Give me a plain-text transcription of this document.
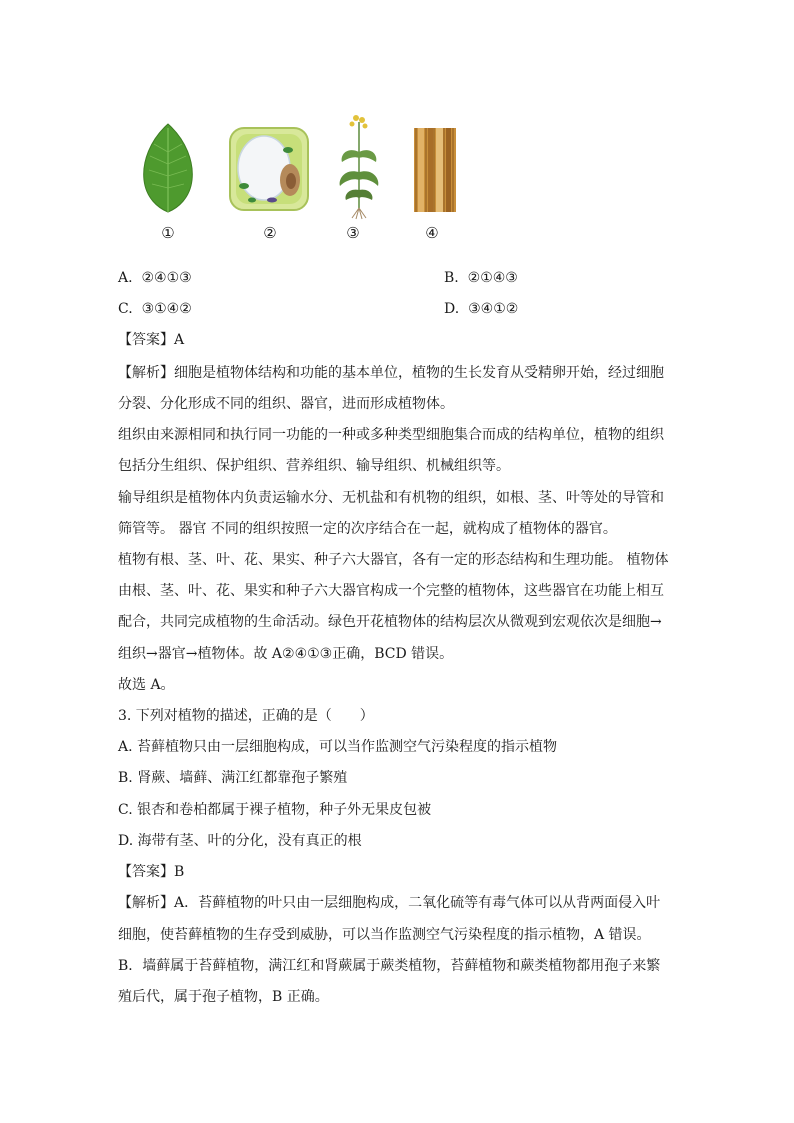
①	②	③	④
A. ②④①③	B. ②①④③
C. ③①④②	D. ③④①②
【答案】A
【解析】细胞是植物体结构和功能的基本单位，植物的生长发育从受精卵开始，经过细胞
分裂、分化形成不同的组织、器官，进而形成植物体。
组织由来源相同和执行同一功能的一种或多种类型细胞集合而成的结构单位，植物的组织
包括分生组织、保护组织、营养组织、输导组织、机械组织等。
输导组织是植物体内负责运输水分、无机盐和有机物的组织，如根、茎、叶等处的导管和
筛管等。 器官 不同的组织按照一定的次序结合在一起，就构成了植物体的器官。
植物有根、茎、叶、花、果实、种子六大器官，各有一定的形态结构和生理功能。 植物体
由根、茎、叶、花、果实和种子六大器官构成一个完整的植物体，这些器官在功能上相互
配合，共同完成植物的生命活动。绿色开花植物体的结构层次从微观到宏观依次是细胞→
组织→器官→植物体。故 A②④①③正确，BCD 错误。
故选 A。
3. 下列对植物的描述，正确的是（　　）
A. 苔藓植物只由一层细胞构成，可以当作监测空气污染程度的指示植物
B. 肾蕨、墙藓、满江红都靠孢子繁殖
C. 银杏和卷柏都属于裸子植物，种子外无果皮包被
D. 海带有茎、叶的分化，没有真正的根
【答案】B
【解析】A．苔藓植物的叶只由一层细胞构成，二氧化硫等有毒气体可以从背两面侵入叶
细胞，使苔藓植物的生存受到威胁，可以当作监测空气污染程度的指示植物，A 错误。
B．墙藓属于苔藓植物，满江红和肾蕨属于蕨类植物，苔藓植物和蕨类植物都用孢子来繁
殖后代，属于孢子植物，B 正确。
